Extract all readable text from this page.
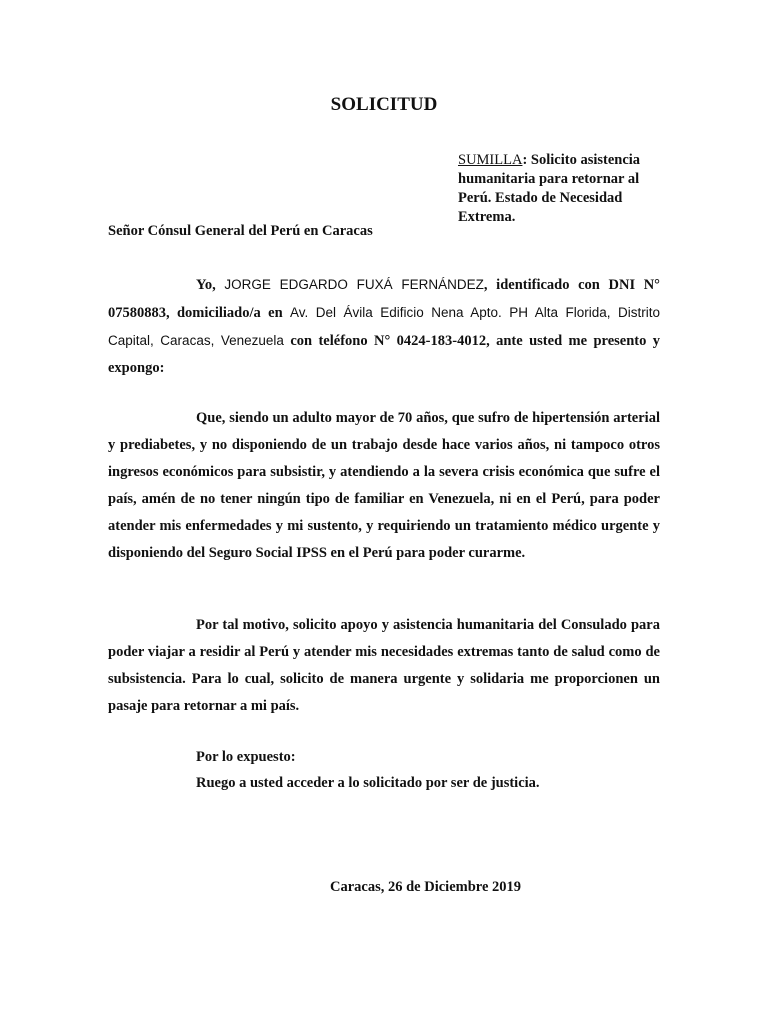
SOLICITUD
SUMILLA: Solicito asistencia humanitaria para retornar al Perú. Estado de Necesidad Extrema.
Señor Cónsul General del Perú en Caracas
Yo, JORGE EDGARDO FUXÁ FERNÁNDEZ, identificado con DNI N° 07580883, domiciliado/a en Av. Del Ávila Edificio Nena Apto. PH Alta Florida, Distrito Capital, Caracas, Venezuela con teléfono N° 0424-183-4012, ante usted me presento y expongo:
Que, siendo un adulto mayor de 70 años, que sufro de hipertensión arterial y prediabetes, y no disponiendo de un trabajo desde hace varios años, ni tampoco otros ingresos económicos para subsistir, y atendiendo a la severa crisis económica que sufre el país, amén de no tener ningún tipo de familiar en Venezuela, ni en el Perú, para poder atender mis enfermedades y mi sustento, y requiriendo un tratamiento médico urgente y disponiendo del Seguro Social IPSS en el Perú para poder curarme.
Por tal motivo, solicito apoyo y asistencia humanitaria del Consulado para poder viajar a residir al Perú y atender mis necesidades extremas tanto de salud como de subsistencia. Para lo cual, solicito de manera urgente y solidaria me proporcionen un pasaje para retornar a mi país.
Por lo expuesto:
Ruego a usted acceder a lo solicitado por ser de justicia.
Caracas, 26 de Diciembre 2019
